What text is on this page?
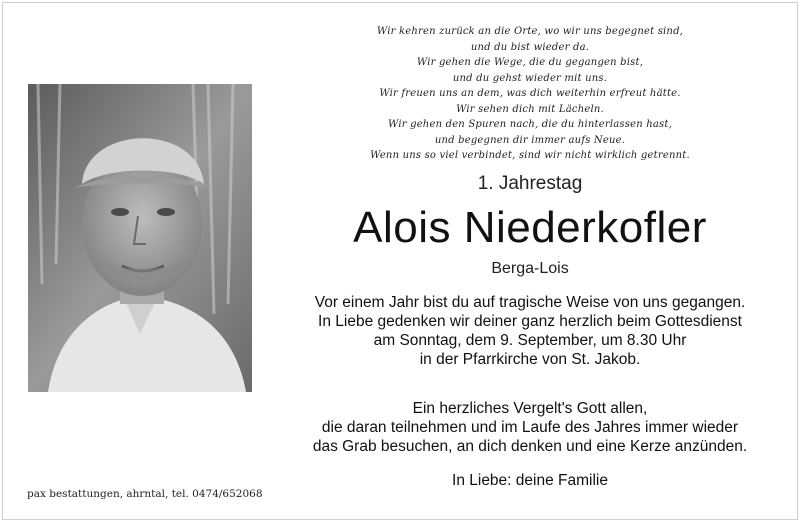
Wir kehren zurück an die Orte, wo wir uns begegnet sind,
und du bist wieder da.
Wir gehen die Wege, die du gegangen bist,
und du gehst wieder mit uns.
Wir freuen uns an dem, was dich weiterhin erfreut hätte.
Wir sehen dich mit Lächeln.
Wir gehen den Spuren nach, die du hinterlassen hast,
und begegnen dir immer aufs Neue.
Wenn uns so viel verbindet, sind wir nicht wirklich getrennt.
1. Jahrestag
Alois Niederkofler
Berga-Lois
Vor einem Jahr bist du auf tragische Weise von uns gegangen.
In Liebe gedenken wir deiner ganz herzlich beim Gottesdienst
am Sonntag, dem 9. September, um 8.30 Uhr
in der Pfarrkirche von St. Jakob.
Ein herzliches Vergelt's Gott allen,
die daran teilnehmen und im Laufe des Jahres immer wieder
das Grab besuchen, an dich denken und eine Kerze anzünden.
In Liebe: deine Familie
pax bestattungen, ahrntal, tel. 0474/652068
